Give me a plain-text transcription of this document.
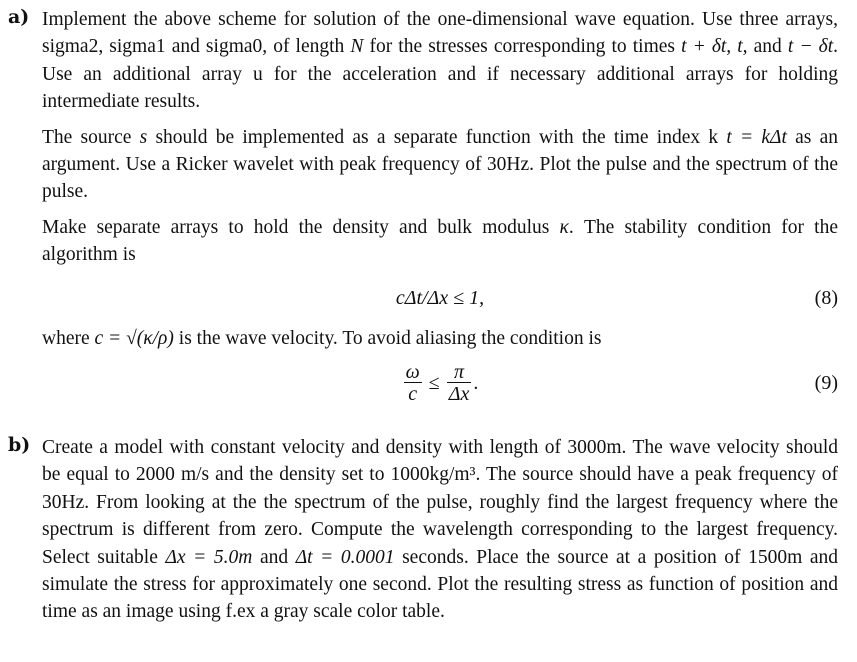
a) Implement the above scheme for solution of the one-dimensional wave equation. Use three arrays, sigma2, sigma1 and sigma0, of length N for the stresses corresponding to times t + δt, t, and t − δt. Use an additional array u for the acceleration and if necessary additional arrays for holding intermediate results.

The source s should be implemented as a separate function with the time index k t = kΔt as an argument. Use a Ricker wavelet with peak frequency of 30Hz. Plot the pulse and the spectrum of the pulse.

Make separate arrays to hold the density and bulk modulus κ. The stability condition for the algorithm is

cΔt/Δx ≤ 1,	(8)

where c = √(κ/ρ) is the wave velocity. To avoid aliasing the condition is

$\frac{\omega}{c} \le \frac{\pi}{\Delta x}$ .	(9)
b) Create a model with constant velocity and density with length of 3000m. The wave velocity should be equal to 2000 m/s and the density set to 1000kg/m³. The source should have a peak frequency of 30Hz. From looking at the the spectrum of the pulse, roughly find the largest frequency where the spectrum is different from zero. Compute the wavelength corresponding to the largest frequency. Select suitable Δx = 5.0m and Δt = 0.0001 seconds. Place the source at a position of 1500m and simulate the stress for approximately one second. Plot the resulting stress as function of position and time as an image using f.ex a gray scale color table.
